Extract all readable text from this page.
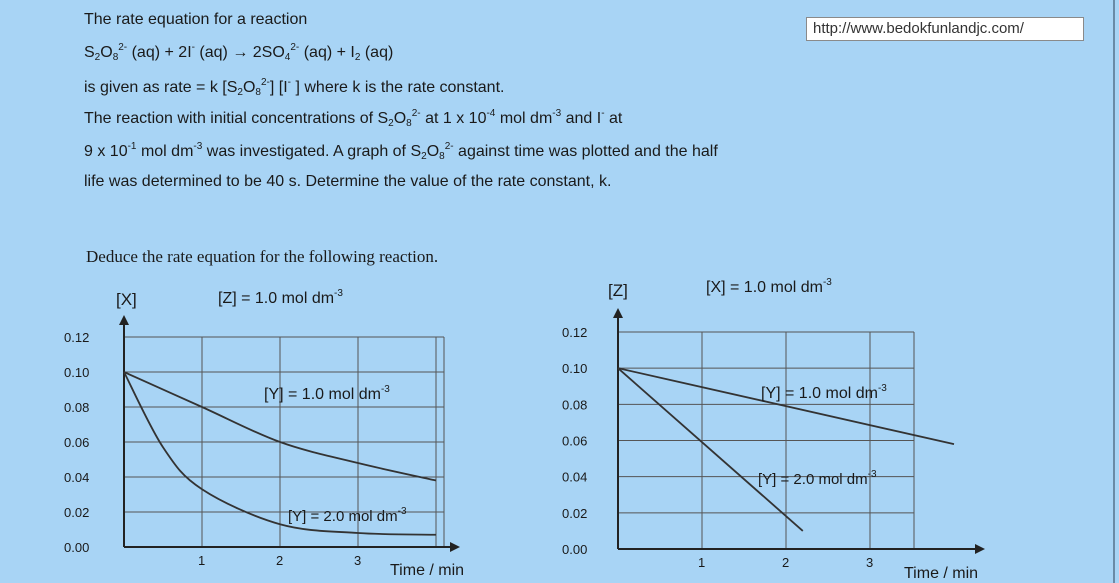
http://www.bedokfunlandjc.com/
The rate equation for a reaction
$S_2O_8^{2-}$ (aq) + 2I- $(aq) \to 2SO_4^{2-}$ $(aq) + I_2$ (aq)
is given as rate = k $[S_2O_8^{2-}]$ [I- ] where k is the rate constant.
The reaction with initial concentrations of $S_2O_8^{2-}$ at 1 x $10^{-4}$ mol $dm^{-3}$ and I- at
9 x $10^{-1}$ mol $dm^{-3}$ was investigated. A graph of $S_2O_8^{2-}$ against time was plotted and the half
life was determined to be 40 s. Determine the value of the rate constant, k.
Deduce the rate equation for the following reaction.
[X]	[Z] = 1.0 mol $dm^{-3}$
0.12
0.10
0.08
0.06
0.04
0.02
0.00
1	2	3
Time / min
[Y] = 1.0 mol $dm^{-3}$
[Y] = 2.0 mol $dm^{-3}$
[Z]	[X] = 1.0 mol $dm^{-3}$
0.12
0.10
0.08
0.06
0.04
0.02
0.00
1	2	3
Time / min
[Y] = 1.0 mol $dm^{-3}$
[Y] = 2.0 mol $dm^{-3}$
